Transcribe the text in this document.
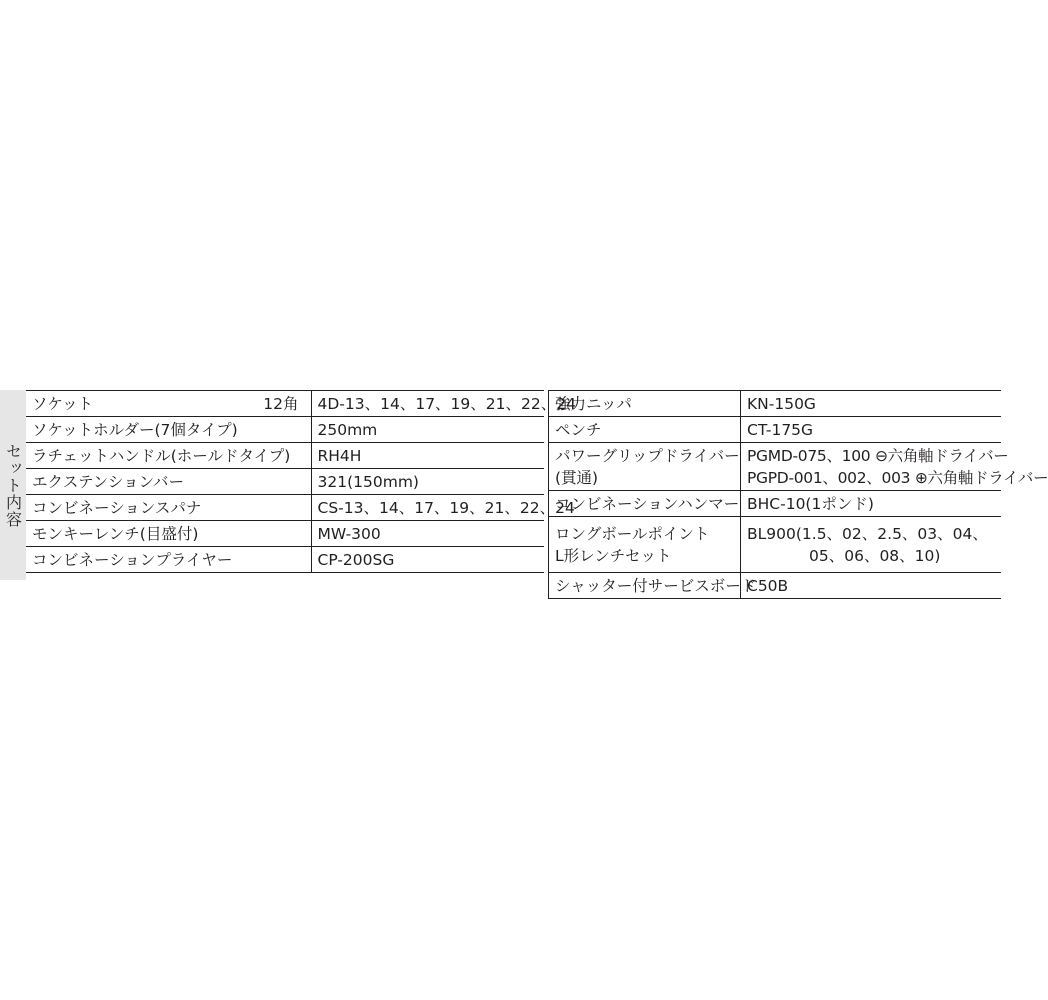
セット内容
ソケット 12角	4D-13、14、17、19、21、22、24
ソケットホルダー(7個タイプ)	250mm
ラチェットハンドル(ホールドタイプ)	RH4H
エクステンションバー	321(150mm)
コンビネーションスパナ	CS-13、14、17、19、21、22、24
モンキーレンチ(目盛付)	MW-300
コンビネーションプライヤー	CP-200SG
強力ニッパ	KN-150G
ペンチ	CT-175G

パワーグリップドライバー
(貫通)	PGMD-075、100 ⊖六角軸ドライバー
PGPD-001、002、003 ⊕六角軸ドライバー

コンビネーションハンマー	BHC-10(1ポンド)

ロングボールポイント
L形レンチセット	BL900(1.5、02、2.5、03、04、
05、06、08、10)

シャッター付サービスボード	C50B
